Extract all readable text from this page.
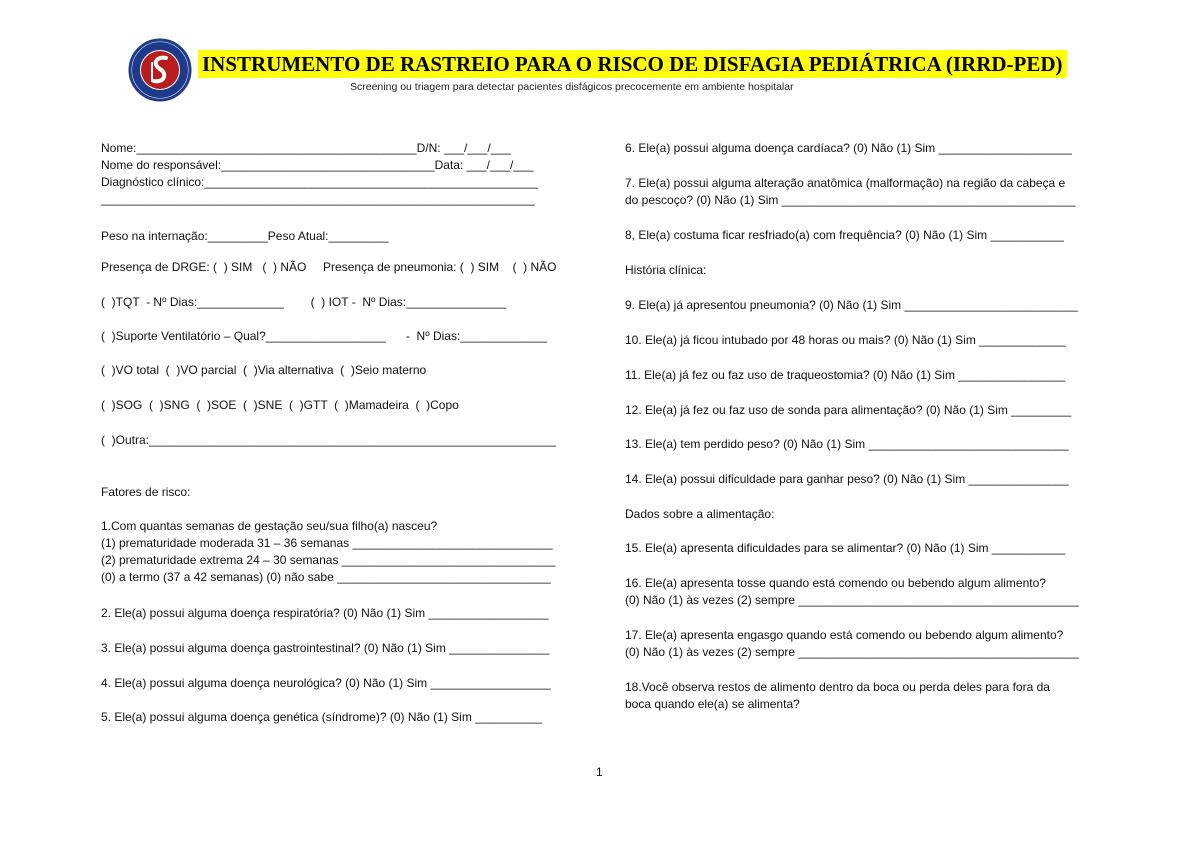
INSTRUMENTO DE RASTREIO PARA O RISCO DE DISFAGIA PEDIÁTRICA (IRRD-PED)
Screening ou triagem para detectar pacientes disfágicos precocemente em ambiente hospitalar
Nome:__________________________________________D/N: ___/___/___
Nome do responsável:________________________________Data: ___/___/___
Diagnóstico clínico:__________________________________________________
_________________________________________________________________
Peso na internação:_________Peso Atual:_________
Presença de DRGE: (  ) SIM   (  ) NÃO     Presença de pneumonia: (  ) SIM    (  ) NÃO
(  )TQT  - Nº Dias:_____________        (  ) IOT -  Nº Dias:_______________
(  )Suporte Ventilatório – Qual?__________________      -  Nº Dias:_____________
(  )VO total  (  )VO parcial  (  )Via alternativa  (  )Seio materno
(  )SOG  (  )SNG  (  )SOE  (  )SNE  (  )GTT  (  )Mamadeira  (  )Copo
(  )Outra:_____________________________________________________________
Fatores de risco:
1.Com quantas semanas de gestação seu/sua filho(a) nasceu?
(1) prematuridade moderada 31 – 36 semanas ______________________________
(2) prematuridade extrema 24 – 30 semanas ________________________________
(0) a termo (37 a 42 semanas) (0) não sabe ________________________________
2. Ele(a) possui alguma doença respiratória? (0) Não (1) Sim __________________
3. Ele(a) possui alguma doença gastrointestinal? (0) Não (1) Sim _______________
4. Ele(a) possui alguma doença neurológica? (0) Não (1) Sim __________________
5. Ele(a) possui alguma doença genética (síndrome)? (0) Não (1) Sim __________
6. Ele(a) possui alguma doença cardíaca? (0) Não (1) Sim ____________________
7. Ele(a) possui alguma alteração anatômica (malformação) na região da cabeça e
do pescoço? (0) Não (1) Sim ____________________________________________
8, Ele(a) costuma ficar resfriado(a) com frequência? (0) Não (1) Sim ___________
História clínica:
9. Ele(a) já apresentou pneumonia? (0) Não (1) Sim __________________________
10. Ele(a) já ficou intubado por 48 horas ou mais? (0) Não (1) Sim _____________
11. Ele(a) já fez ou faz uso de traqueostomia? (0) Não (1) Sim ________________
12. Ele(a) já fez ou faz uso de sonda para alimentação? (0) Não (1) Sim _________
13. Ele(a) tem perdido peso? (0) Não (1) Sim ______________________________
14. Ele(a) possui dificuldade para ganhar peso? (0) Não (1) Sim _______________
Dados sobre a alimentação:
15. Ele(a) apresenta dificuldades para se alimentar? (0) Não (1) Sim ___________
16. Ele(a) apresenta tosse quando está comendo ou bebendo algum alimento?
(0) Não (1) às vezes (2) sempre __________________________________________
17. Ele(a) apresenta engasgo quando está comendo ou bebendo algum alimento?
(0) Não (1) às vezes (2) sempre __________________________________________
18.Você observa restos de alimento dentro da boca ou perda deles para fora da
boca quando ele(a) se alimenta?
1
